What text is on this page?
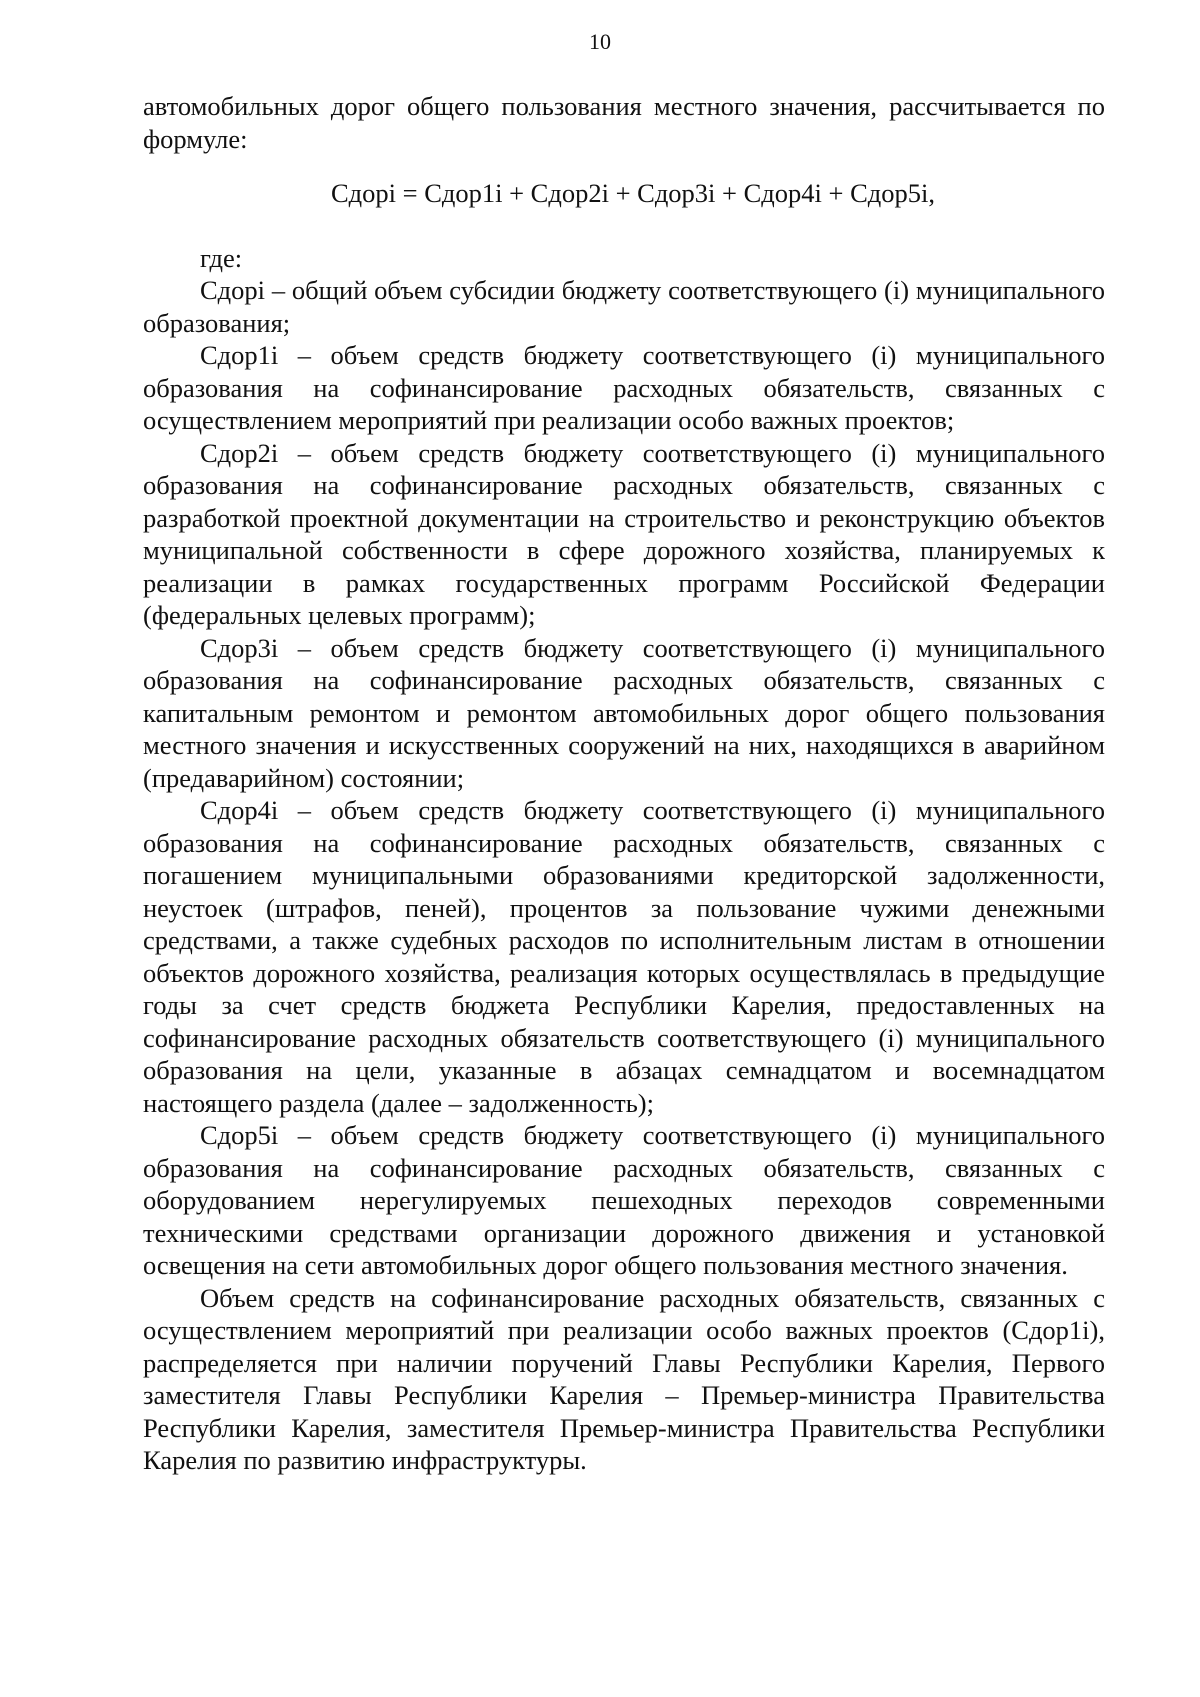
10

автомобильных дорог общего пользования местного значения, рассчитывается по формуле:

Сдорi = Сдор1i + Сдор2i + Сдор3i + Сдор4i + Сдор5i,

где:

Сдорi – общий объем субсидии бюджету соответствующего (i) муниципального образования;

Сдор1i – объем средств бюджету соответствующего (i) муниципального образования на софинансирование расходных обязательств, связанных с осуществлением мероприятий при реализации особо важных проектов;

Сдор2i – объем средств бюджету соответствующего (i) муниципального образования на софинансирование расходных обязательств, связанных с разработкой проектной документации на строительство и реконструкцию объектов муниципальной собственности в сфере дорожного хозяйства, планируемых к реализации в рамках государственных программ Российской Федерации (федеральных целевых программ);

Сдор3i – объем средств бюджету соответствующего (i) муниципального образования на софинансирование расходных обязательств, связанных с капитальным ремонтом и ремонтом автомобильных дорог общего пользования местного значения и искусственных сооружений на них, находящихся в аварийном (предаварийном) состоянии;

Сдор4i – объем средств бюджету соответствующего (i) муниципального образования на софинансирование расходных обязательств, связанных с погашением муниципальными образованиями кредиторской задолженности, неустоек (штрафов, пеней), процентов за пользование чужими денежными средствами, а также судебных расходов по исполнительным листам в отношении объектов дорожного хозяйства, реализация которых осуществлялась в предыдущие годы за счет средств бюджета Республики Карелия, предоставленных на софинансирование расходных обязательств соответствующего (i) муниципального образования на цели, указанные в абзацах семнадцатом и восемнадцатом настоящего раздела (далее – задолженность);

Сдор5i – объем средств бюджету соответствующего (i) муниципального образования на софинансирование расходных обязательств, связанных с оборудованием нерегулируемых пешеходных переходов современными техническими средствами организации дорожного движения и установкой освещения на сети автомобильных дорог общего пользования местного значения.

Объем средств на софинансирование расходных обязательств, связанных с осуществлением мероприятий при реализации особо важных проектов (Сдор1i), распределяется при наличии поручений Главы Республики Карелия, Первого заместителя Главы Республики Карелия – Премьер-министра Правительства Республики Карелия, заместителя Премьер-министра Правительства Республики Карелия по развитию инфраструктуры.
